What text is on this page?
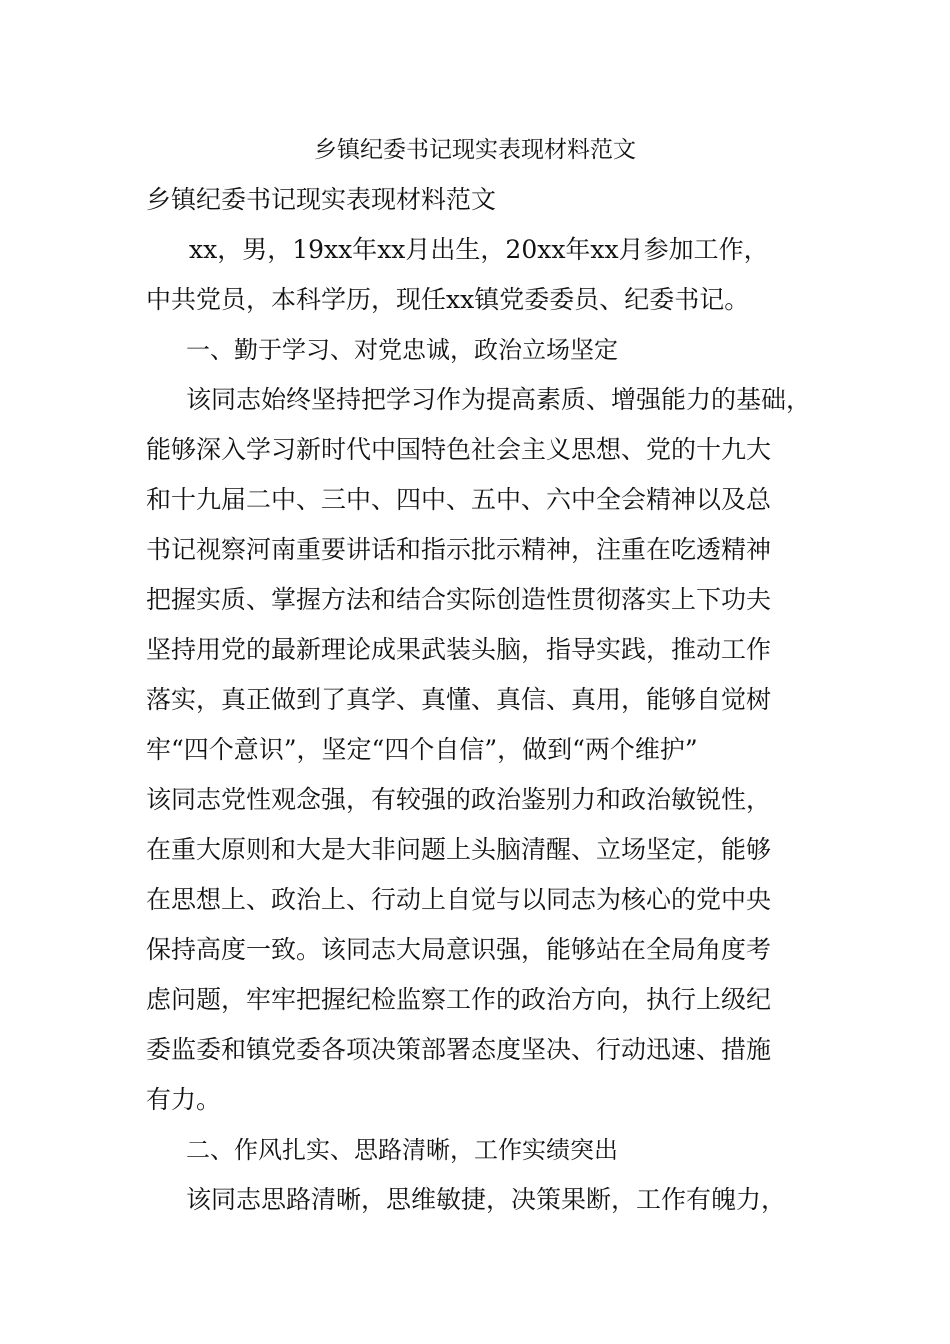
乡镇纪委书记现实表现材料范文
乡镇纪委书记现实表现材料范文
xx，男，19xx年xx月出生，20xx年xx月参加工作，
中共党员，本科学历，现任xx镇党委委员、纪委书记。
一、勤于学习、对党忠诚，政治立场坚定
该同志始终坚持把学习作为提高素质、增强能力的基础，
能够深入学习新时代中国特色社会主义思想、党的十九大
和十九届二中、三中、四中、五中、六中全会精神以及总
书记视察河南重要讲话和指示批示精神，注重在吃透精神
把握实质、掌握方法和结合实际创造性贯彻落实上下功夫
坚持用党的最新理论成果武装头脑，指导实践，推动工作
落实，真正做到了真学、真懂、真信、真用，能够自觉树
牢“四个意识”，坚定“四个自信”，做到“两个维护”
该同志党性观念强，有较强的政治鉴别力和政治敏锐性，
在重大原则和大是大非问题上头脑清醒、立场坚定，能够
在思想上、政治上、行动上自觉与以同志为核心的党中央
保持高度一致。该同志大局意识强，能够站在全局角度考
虑问题，牢牢把握纪检监察工作的政治方向，执行上级纪
委监委和镇党委各项决策部署态度坚决、行动迅速、措施
有力。
二、作风扎实、思路清晰，工作实绩突出
该同志思路清晰，思维敏捷，决策果断，工作有魄力，
